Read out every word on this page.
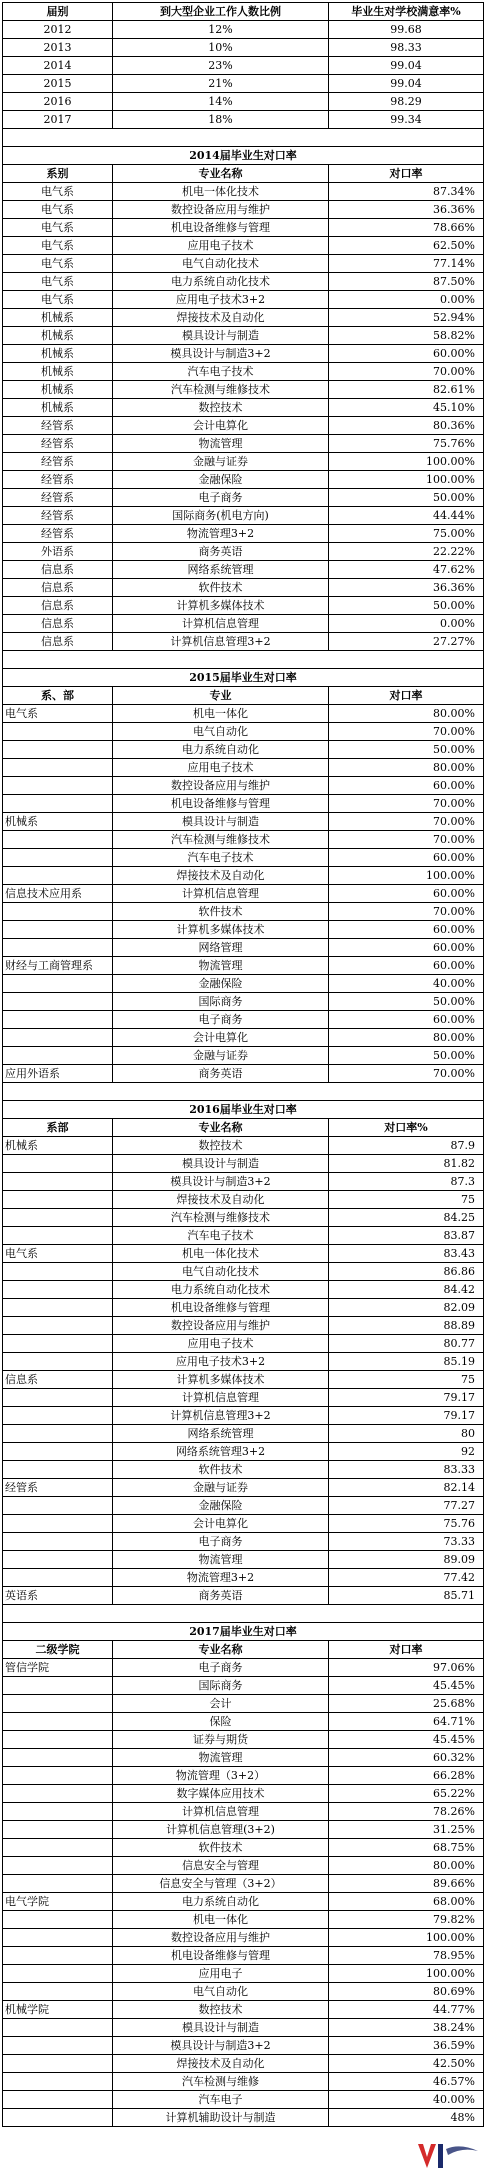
届别	到大型企业工作人数比例	毕业生对学校满意率%
2012	12%	99.68
2013	10%	98.33
2014	23%	99.04
2015	21%	99.04
2016	14%	98.29
2017	18%	99.34

2014届毕业生对口率		
系别	专业名称	对口率
电气系	机电一体化技术	87.34%
电气系	数控设备应用与维护	36.36%
电气系	机电设备维修与管理	78.66%
电气系	应用电子技术	62.50%
电气系	电气自动化技术	77.14%
电气系	电力系统自动化技术	87.50%
电气系	应用电子技术3+2	0.00%
机械系	焊接技术及自动化	52.94%
机械系	模具设计与制造	58.82%
机械系	模具设计与制造3+2	60.00%
机械系	汽车电子技术	70.00%
机械系	汽车检测与维修技术	82.61%
机械系	数控技术	45.10%
经管系	会计电算化	80.36%
经管系	物流管理	75.76%
经管系	金融与证券	100.00%
经管系	金融保险	100.00%
经管系	电子商务	50.00%
经管系	国际商务(机电方向)	44.44%
经管系	物流管理3+2	75.00%
外语系	商务英语	22.22%
信息系	网络系统管理	47.62%
信息系	软件技术	36.36%
信息系	计算机多媒体技术	50.00%
信息系	计算机信息管理	0.00%
信息系	计算机信息管理3+2	27.27%

2015届毕业生对口率		
系、部	专业	对口率
电气系	机电一体化	80.00%
	电气自动化	70.00%
	电力系统自动化	50.00%
	应用电子技术	80.00%
	数控设备应用与维护	60.00%
	机电设备维修与管理	70.00%
机械系	模具设计与制造	70.00%
	汽车检测与维修技术	70.00%
	汽车电子技术	60.00%
	焊接技术及自动化	100.00%
信息技术应用系	计算机信息管理	60.00%
	软件技术	70.00%
	计算机多媒体技术	60.00%
	网络管理	60.00%
财经与工商管理系	物流管理	60.00%
	金融保险	40.00%
	国际商务	50.00%
	电子商务	60.00%
	会计电算化	80.00%
	金融与证券	50.00%
应用外语系	商务英语	70.00%

2016届毕业生对口率		
系部	专业名称	对口率%
机械系	数控技术	87.9
	模具设计与制造	81.82
	模具设计与制造3+2	87.3
	焊接技术及自动化	75
	汽车检测与维修技术	84.25
	汽车电子技术	83.87
电气系	机电一体化技术	83.43
	电气自动化技术	86.86
	电力系统自动化技术	84.42
	机电设备维修与管理	82.09
	数控设备应用与维护	88.89
	应用电子技术	80.77
	应用电子技术3+2	85.19
信息系	计算机多媒体技术	75
	计算机信息管理	79.17
	计算机信息管理3+2	79.17
	网络系统管理	80
	网络系统管理3+2	92
	软件技术	83.33
经管系	金融与证券	82.14
	金融保险	77.27
	会计电算化	75.76
	电子商务	73.33
	物流管理	89.09
	物流管理3+2	77.42
英语系	商务英语	85.71

2017届毕业生对口率		
二级学院	专业名称	对口率
管信学院	电子商务	97.06%
	国际商务	45.45%
	会计	25.68%
	保险	64.71%
	证券与期货	45.45%
	物流管理	60.32%
	物流管理（3+2）	66.28%
	数字媒体应用技术	65.22%
	计算机信息管理	78.26%
	计算机信息管理(3+2)	31.25%
	软件技术	68.75%
	信息安全与管理	80.00%
	信息安全与管理（3+2）	89.66%
电气学院	电力系统自动化	68.00%
	机电一体化	79.82%
	数控设备应用与维护	100.00%
	机电设备维修与管理	78.95%
	应用电子	100.00%
	电气自动化	80.69%
机械学院	数控技术	44.77%
	模具设计与制造	38.24%
	模具设计与制造3+2	36.59%
	焊接技术及自动化	42.50%
	汽车检测与维修	46.57%
	汽车电子	40.00%
	计算机辅助设计与制造	48%
